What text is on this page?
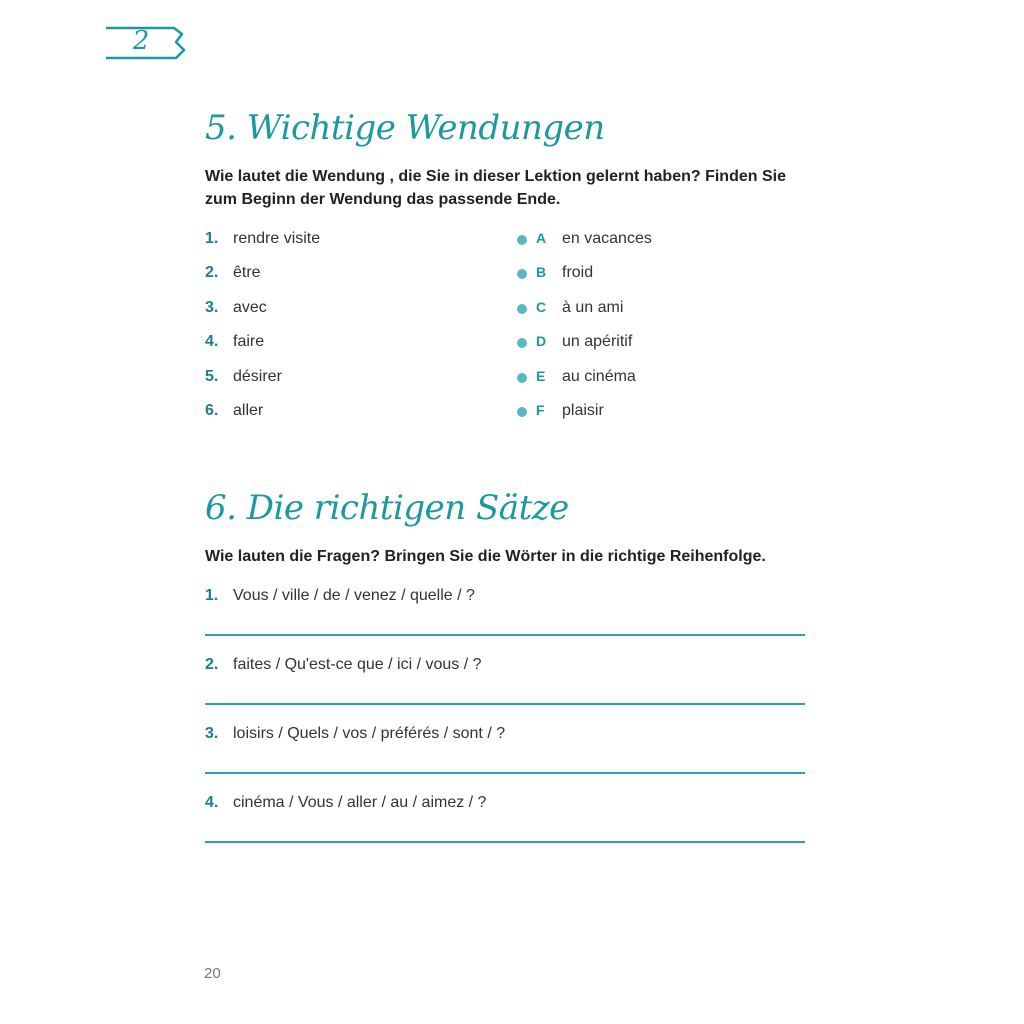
2
5. Wichtige Wendungen

Wie lautet die Wendung , die Sie in dieser Lektion gelernt haben? Finden Sie zum Beginn der Wendung das passende Ende.

1. rendre visite	A en vacances
2. être	B froid
3. avec	C à un ami
4. faire	D un apéritif
5. désirer	E au cinéma
6. aller	F plaisir
6. Die richtigen Sätze

Wie lauten die Fragen? Bringen Sie die Wörter in die richtige Reihenfolge.

1. Vous / ville / de / venez / quelle / ?
2. faites / Qu'est-ce que / ici / vous / ?
3. loisirs / Quels / vos / préférés / sont / ?
4. cinéma / Vous / aller / au / aimez / ?
20
